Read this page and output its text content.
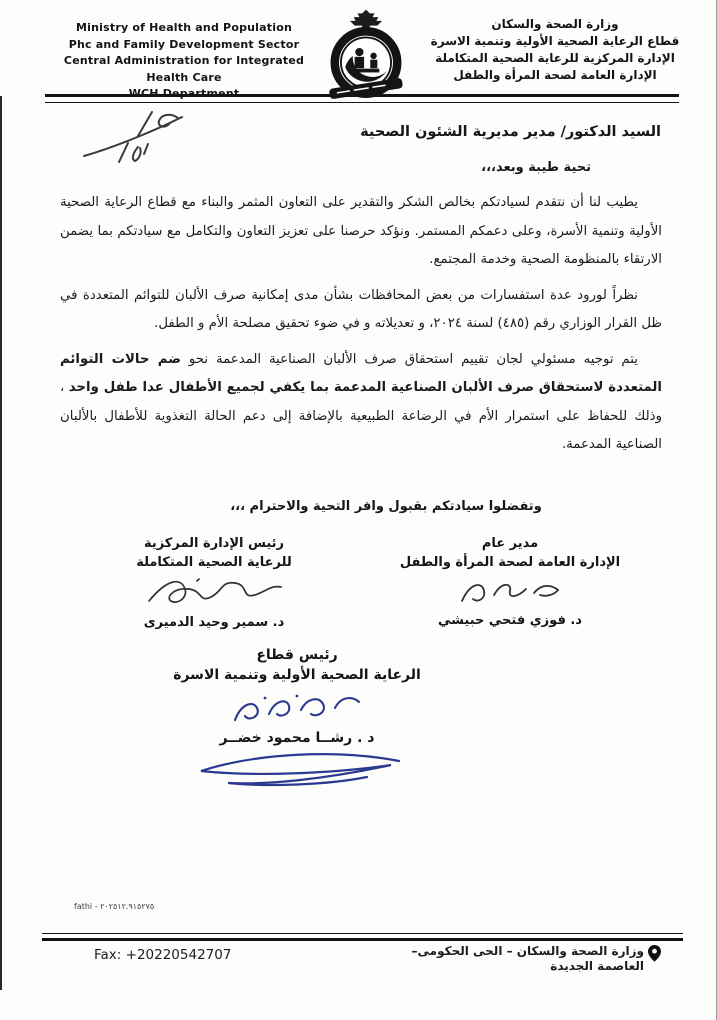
Ministry of Health and Population
Phc and Family Development Sector
Central Administration for Integrated Health Care
WCH Department
وزارة الصحة والسكان
قطاع الرعاية الصحية الأولية وتنمية الاسرة
الإدارة المركزية للرعاية الصحية المتكاملة
الإدارة العامة لصحة المرأة والطفل
السيد الدكتور/ مدير مديرية الشئون الصحية
تحية طيبة وبعد،،،

يطيب لنا أن نتقدم لسيادتكم بخالص الشكر والتقدير على التعاون المثمر والبناء مع قطاع الرعاية الصحية الأولية وتنمية الأسرة، وعلى دعمكم المستمر. ونؤكد حرصنا على تعزيز التعاون والتكامل مع سيادتكم بما يضمن الارتقاء بالمنظومة الصحية وخدمة المجتمع.

نظراً لورود عدة استفسارات من بعض المحافظات بشأن مدى إمكانية صرف الألبان للتوائم المتعددة في ظل القرار الوزاري رقم (٤٨٥) لسنة ٢٠٢٤، و تعديلاته و في ضوء تحقيق مصلحة الأم و الطفل.

يتم توجيه مسئولي لجان تقييم استحقاق صرف الألبان الصناعية المدعمة نحو ضم حالات التوائم المتعددة لاستحقاق صرف الألبان الصناعية المدعمة بما يكفي لجميع الأطفال عدا طفل واحد ، وذلك للحفاظ على استمرار الأم في الرضاعة الطبيعية بالإضافة إلى دعم الحالة التغذوية للأطفال بالألبان الصناعية المدعمة.

وتفضلوا سيادتكم بقبول وافر التحية والاحترام ،،،
مدير عام
الإدارة العامة لصحة المرأة والطفل
د. فوزي فتحي حبيشي
رئيس الإدارة المركزية
للرعاية الصحية المتكاملة
د. سمير وحيد الدميرى
رئيس قطاع
الرعاية الصحية الأولية وتنمية الاسرة
د . رشــا محمود خضــر
fathi - ٢٠٢٥١٢.٩١٥٢٧٥
Fax: +20220542707	وزارة الصحة والسكان – الحى الحكومى– العاصمة الجديدة
